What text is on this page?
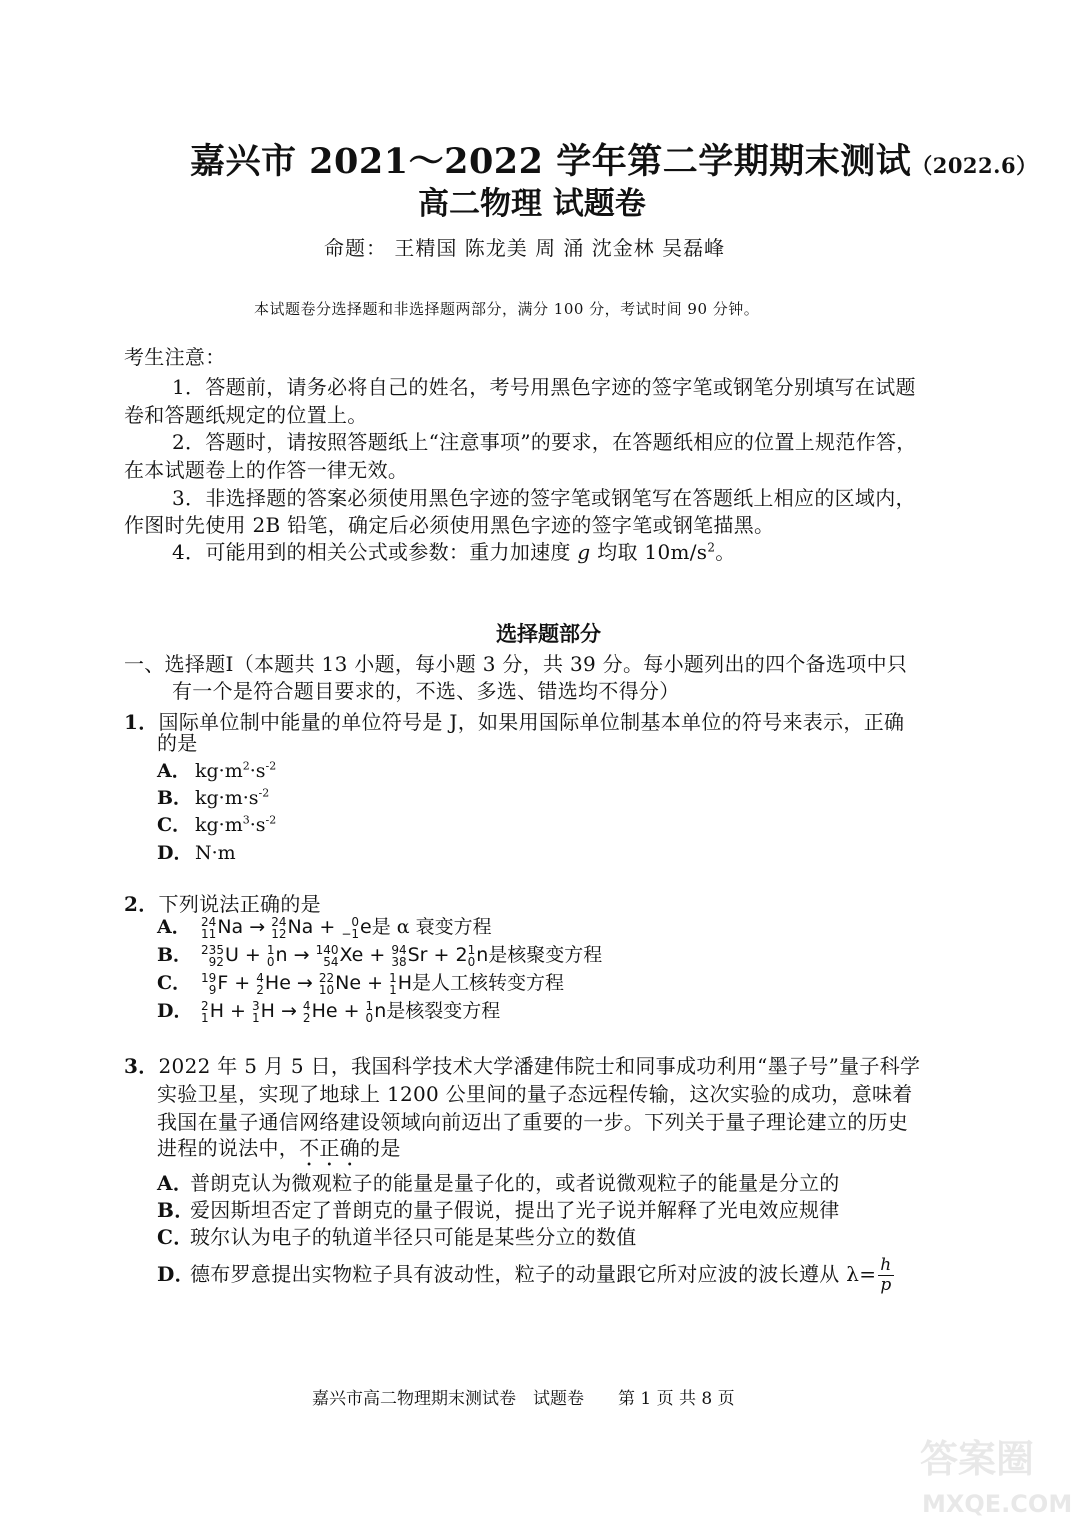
嘉兴市 2021～2022 学年第二学期期末测试（2022.6）
高二物理 试题卷
命题： 王精国 陈龙美 周 涌 沈金林 吴磊峰
本试题卷分选择题和非选择题两部分，满分 100 分，考试时间 90 分钟。
考生注意：
1．答题前，请务必将自己的姓名，考号用黑色字迹的签字笔或钢笔分别填写在试题
卷和答题纸规定的位置上。
2．答题时，请按照答题纸上“注意事项”的要求，在答题纸相应的位置上规范作答，
在本试题卷上的作答一律无效。
3．非选择题的答案必须使用黑色字迹的签字笔或钢笔写在答题纸上相应的区域内，
作图时先使用 2B 铅笔，确定后必须使用黑色字迹的签字笔或钢笔描黑。
4．可能用到的相关公式或参数：重力加速度 g 均取 $10m/s^2$。
选择题部分
一、选择题Ⅰ（本题共 13 小题，每小题 3 分，共 39 分。每小题列出的四个备选项中只
有一个是符合题目要求的，不选、多选、错选均不得分）
1．国际单位制中能量的单位符号是 J，如果用国际单位制基本单位的符号来表示，正确
的是
A． $kg\cdot m^2\cdot s^{-2}$
B． $kg\cdot m\cdot s^{-2}$
C． $kg\cdot m^3\cdot s^{-2}$
D． N·m
2．下列说法正确的是
A． 24
11 Na → 24
12 Na + 0
−1 e是 α 衰变方程
B． 235
92 U + 1
0 n → 140
54 Xe + 94
38 Sr + 2 1
0 n是核聚变方程
C． 19
9 F + 4
2 He → 22
10 Ne + 1
1 H是人工核转变方程
D． 2
1 H + 3
1 H → 4
2 He + 1
0 n是核裂变方程
3．2022 年 5 月 5 日，我国科学技术大学潘建伟院士和同事成功利用“墨子号”量子科学
实验卫星，实现了地球上 1200 公里间的量子态远程传输，这次实验的成功，意味着
我国在量子通信网络建设领域向前迈出了重要的一步。下列关于量子理论建立的历史
进程的说法中，不正确的是
A．普朗克认为微观粒子的能量是量子化的，或者说微观粒子的能量是分立的
B．爱因斯坦否定了普朗克的量子假说，提出了光子说并解释了光电效应规律
C．玻尔认为电子的轨道半径只可能是某些分立的数值
D．德布罗意提出实物粒子具有波动性，粒子的动量跟它所对应波的波长遵从 $\lambda= \frac{h}{p}$
嘉兴市高二物理期末测试卷　试题卷　　第 1 页 共 8 页
答案圈
MXQE.COM
